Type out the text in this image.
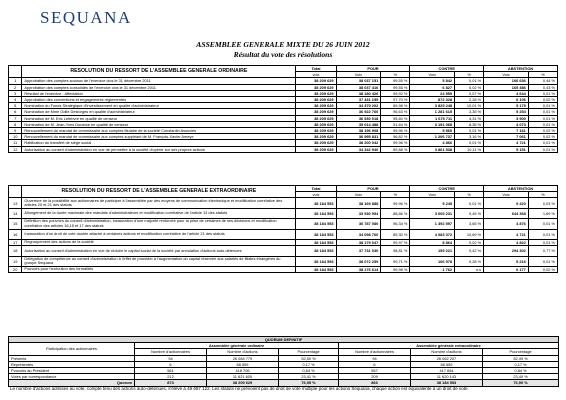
SEQUANA
ASSEMBLEE GENERALE MIXTE DU 26 JUIN 2012
Résultat du vote des résolutions
	RESOLUTION DU RESSORT DE L'ASSEMBLEE GENERALE ORDINAIRE	Total	POUR		CONTRE		ABSTENTION	
		voix	Voix	%	Voix	%	Voix	%
1	Approbation des comptes sociaux de l'exercice clos le 31 décembre 2011	38 209 629	38 037 151	99,55 %	5 842	0,01 %	166 636	0,44 %
2	Approbation des comptes consolidés de l'exercice clos le 31 décembre 2011	38 209 629	38 037 416	99,55 %	6 827	0,02 %	165 386	0,43 %
3	Résultat de l'exercice - Affectation	38 209 629	38 180 426	99,92 %	24 559	0,07 %	4 644	0,01 %
4	Approbation des conventions et engagements réglementés	38 209 629	37 331 195	97,70 %	872 328	2,28 %	6 106	0,02 %
5	Nomination du Fonds Stratégique d'Investissement en qualité d'administrateur	38 209 629	34 379 202	89,98 %	3 825 248	10,01 %	5 179	0,01 %
6	Nomination de Mme Odile Desforges en qualité d'administrateur	38 209 629	36 922 760	96,63 %	1 281 615	3,35 %	5 254	0,01 %
7	Nomination de M. Eric Lefebvre en qualité de censeur	38 209 629	36 530 018	95,60 %	1 675 711	4,31 %	3 900	0,01 %
8	Nomination de M. Jean-Yves Durance en qualité de censeur	38 209 629	35 014 488	91,64 %	3 191 068	8,35 %	4 073	0,01 %
9	Renouvellement du mandat de commissaire aux comptes titulaire de la société Constantin Associés	38 209 629	38 196 908	99,96 %	5 560	0,01 %	7 161	0,02 %
10	Renouvellement du mandat de commissaire aux comptes suppléant de M. François-Xavier Ameye	38 209 629	36 995 831	96,82 %	1 206 737	3,16 %	7 061	0,02 %
11	Ratification du transfert de siège social	38 209 629	38 200 042	99,98 %	4 866	0,01 %	4 721	0,01 %
12	Autorisation au conseil d'administration en vue de permettre à la société d'opérer sur ses propres actions	38 209 629	34 342 940	89,88 %	3 861 538	10,11 %	5 151	0,01 %
	RESOLUTION DU RESSORT DE L'ASSEMBLEE GENERALE EXTRAORDINAIRE	Total	POUR		CONTRE		ABSTENTION	
		voix	Voix	%	Voix	%	Voix	%
13	Ouverture de la possibilité aux actionnaires de participer à l'assemblée par des moyens de communication électronique et modification corrélative des articles 20 et 21 des statuts	38 184 553	38 169 888	99,96 %	5 245	0,01 %	9 420	0,03 %
14	Allongement de la durée maximale des mandats d'administrateurs et modification corrélative de l'article 13 des statuts	38 184 553	33 930 954	88,86 %	3 609 231	9,45 %	644 368	1,69 %
15	Définition des pouvoirs du conseil d'administration, instauration d'une majorité renforcée pour la prise de certaines de ses décisions et modification corrélative des articles 16,15 et 17 des statuts	38 184 553	36 787 080	96,34 %	1 392 597	3,65 %	4 876	0,01 %
16	Instauration d'un droit de vote double attaché à certaines actions et modification corrélative de l'article 21 des statuts	38 184 553	34 098 760	89,30 %	4 083 072	10,69 %	4 721	0,01 %
17	Regroupement des actions de la société	38 184 553	38 179 047	99,97 %	8 864	0,02 %	4 822	0,01 %
18	Autorisation au conseil d'administration en vue de réduire le capital social de la société par annulation d'actions auto-détenues	38 184 553	37 731 030	98,81 %	159 221	0,42 %	294 302	0,77 %
19	Délégation de compétence au conseil d'administration à l'effet de procéder à l'augmentation du capital réservée aux salariés de filiales étrangères du groupe Sequana	38 184 553	38 072 259	99,71 %	106 978	0,28 %	5 216	0,01 %
20	Pouvoirs pour l'exécution des formalités	38 184 553	38 176 614	99,98 %	1 762	n.s	6 177	0,02 %
QUORUM DEFINITIF						
Participation des actionnaires	Assemblée générale ordinaire			Assemblée générale extraordinaire		
	Nombre d'actionnaires	Nombre d'actions	Pourcentage	Nombre d'actionnaires	Nombre d'actions	Pourcentage
Présents	94	26 084 779	52,50 %	94	26 062 207	52,49 %
Représentés	6	88 559	0,17 %	6	88 559	0,17 %
Pouvoirs au Président	561	418 706	0,84 %	557	417 664	0,84 %
Votes par correspondance	212	11 621 605	23,41 %	209	11 620 143	23,40 %
Quorum	873	38 209 629	76,95 %	866	38 184 553	76,90 %
Le nombre d'actions admises au vote, compte tenu des actions auto-détenues, s'élève à 49 657 122. Les statuts ne prévoient pas de droit de vote multiple pour les actions Sequana, chaque action est équivalente à un droit de vote.
